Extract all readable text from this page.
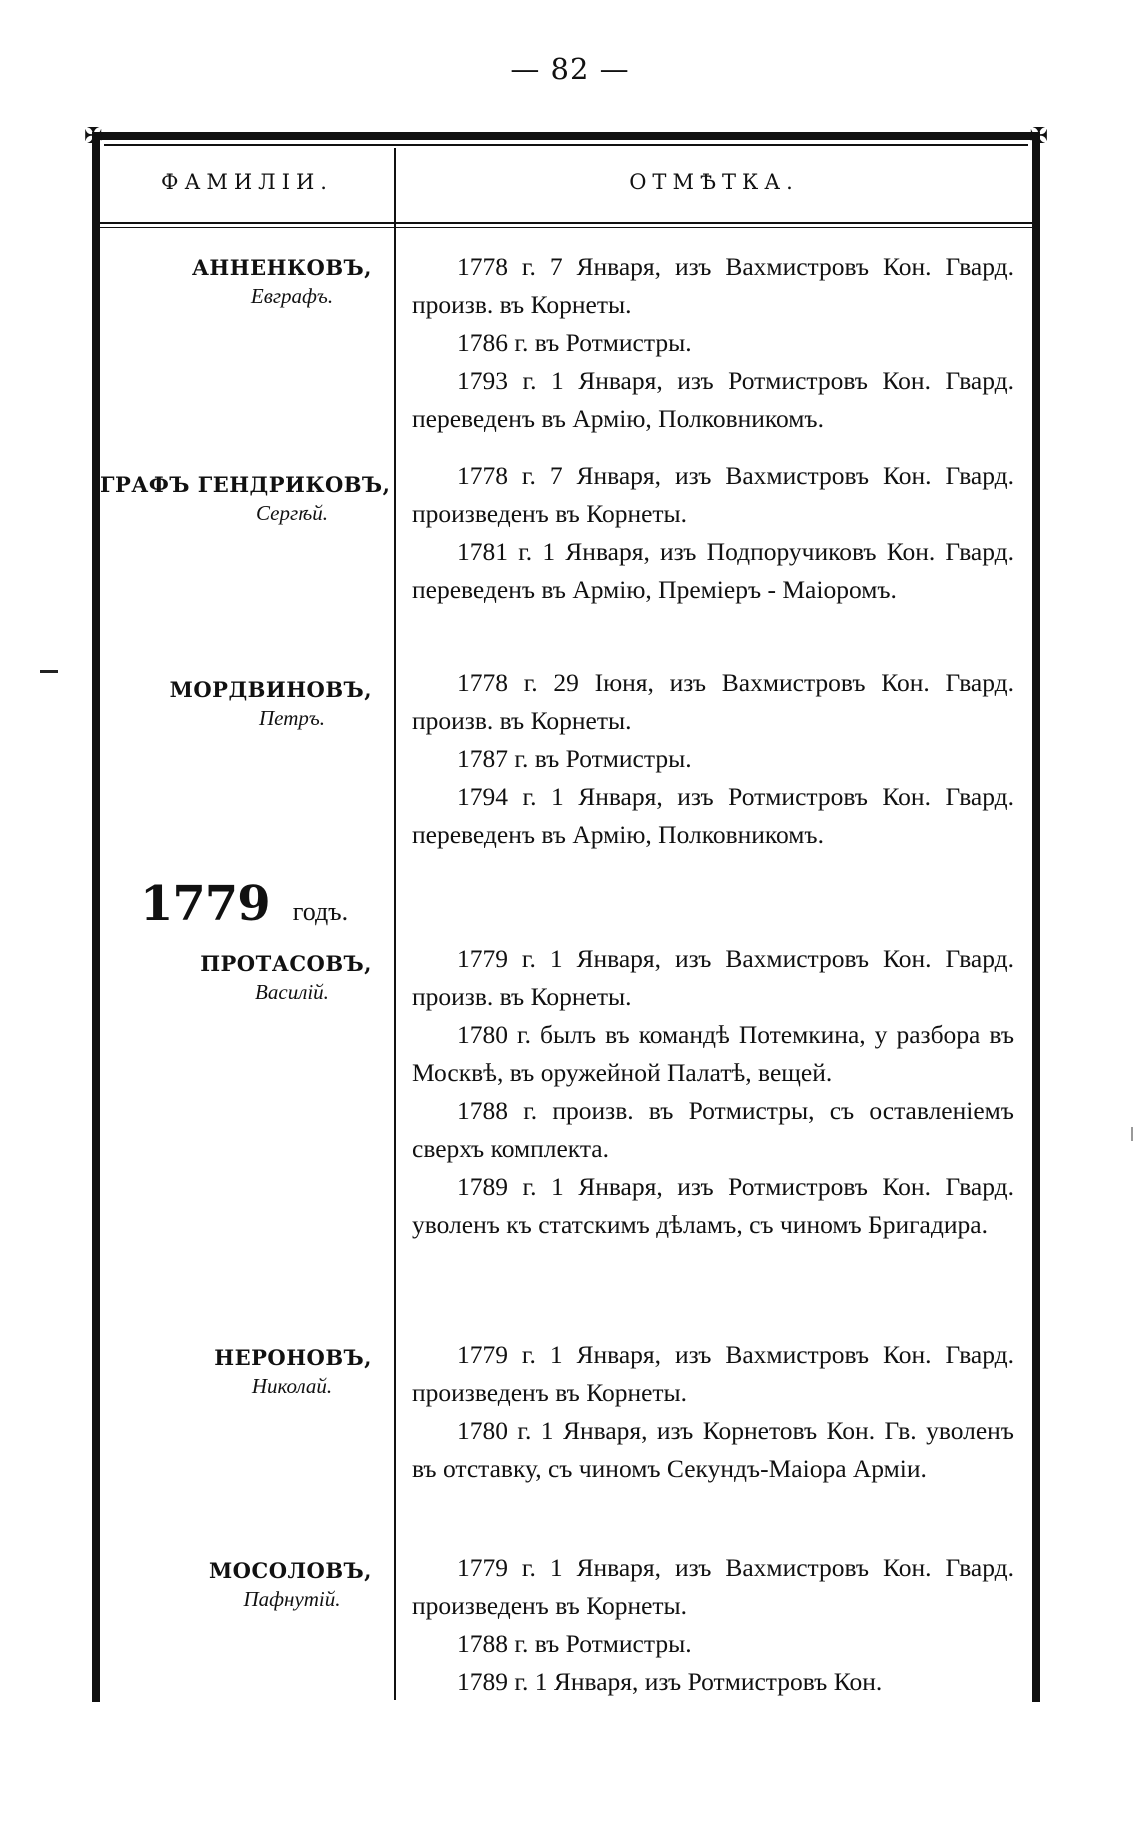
— 82 —
✠	✠
ФАМИЛІИ.	ОТМѢТКА.
АННЕНКОВЪ,
Евграфъ.

1778 г. 7 Января, изъ Вахмистровъ Кон. Гвард. произв. въ Корнеты.

1786 г. въ Ротмистры.

1793 г. 1 Января, изъ Ротмистровъ Кон. Гвард. переведенъ въ Армію, Полковникомъ.

ГРАФЪ ГЕНДРИКОВЪ,
Сергѣй.

1778 г. 7 Января, изъ Вахмистровъ Кон. Гвард. произведенъ въ Корнеты.

1781 г. 1 Января, изъ Подпоручиковъ Кон. Гвард. переведенъ въ Армію, Преміеръ - Маіоромъ.

МОРДВИНОВЪ,
Петръ.

1778 г. 29 Іюня, изъ Вахмистровъ Кон. Гвард. произв. въ Корнеты.

1787 г. въ Ротмистры.

1794 г. 1 Января, изъ Ротмистровъ Кон. Гвард. переведенъ въ Армію, Полковникомъ.

1779 годъ.
ПРОТАСОВЪ,
Василій.

1779 г. 1 Января, изъ Вахмистровъ Кон. Гвард. произв. въ Корнеты.

1780 г. былъ въ командѣ Потемкина, у разбора въ Москвѣ, въ оружейной Палатѣ, вещей.

1788 г. произв. въ Ротмистры, съ оставленіемъ сверхъ комплекта.

1789 г. 1 Января, изъ Ротмистровъ Кон. Гвард. уволенъ къ статскимъ дѣламъ, съ чиномъ Бригадира.

НЕРОНОВЪ,
Николай.

1779 г. 1 Января, изъ Вахмистровъ Кон. Гвард. произведенъ въ Корнеты.

1780 г. 1 Января, изъ Корнетовъ Кон. Гв. уволенъ въ отставку, съ чиномъ Секундъ-Маіора Арміи.

МОСОЛОВЪ,
Пафнутій.

1779 г. 1 Января, изъ Вахмистровъ Кон. Гвард. произведенъ въ Корнеты.

1788 г. въ Ротмистры.

1789 г. 1 Января, изъ Ротмистровъ Кон.
